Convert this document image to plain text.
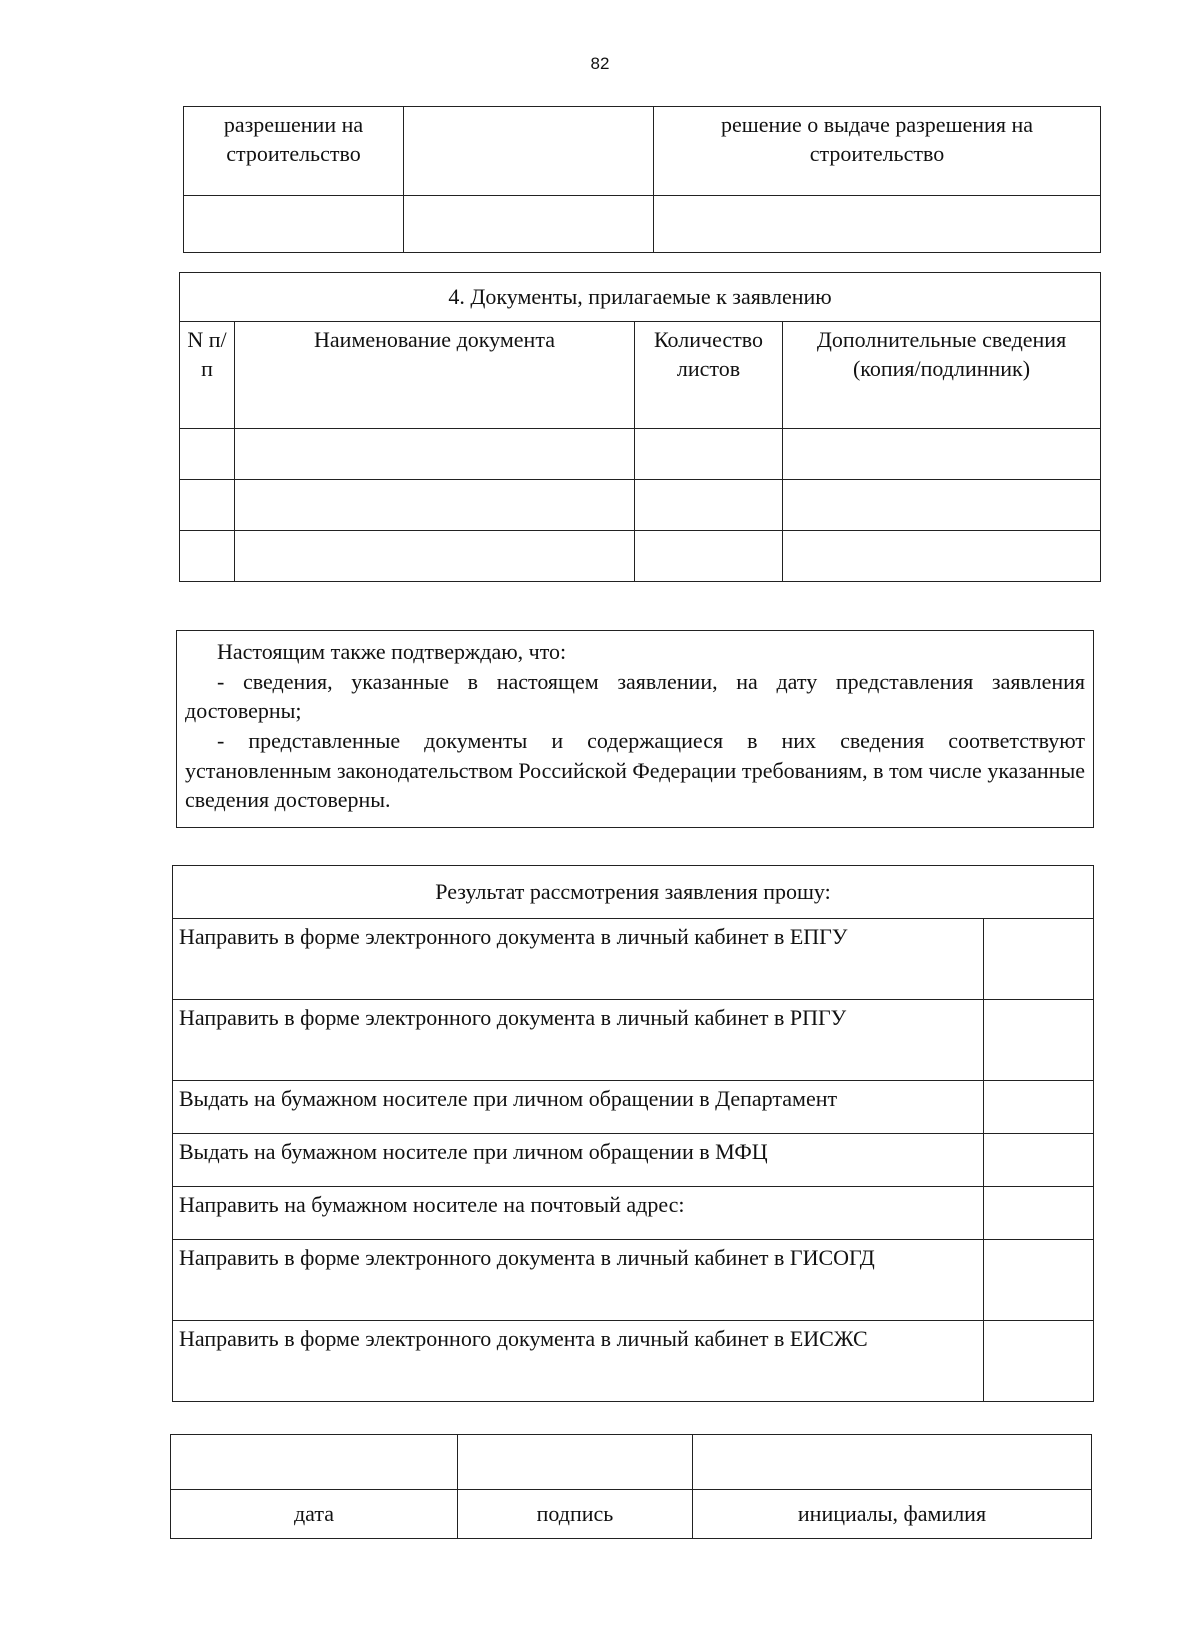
82
разрешении на строительство		решение о выдаче разрешения на строительство

4. Документы, прилагаемые к заявлению			
N п/п	Наименование документа	Количество листов	Дополнительные сведения (копия/подлинник)

Настоящим также подтверждаю, что:

- сведения, указанные в настоящем заявлении, на дату представления заявления достоверны;

- представленные документы и содержащиеся в них сведения соответствуют установленным законодательством Российской Федерации требованиям, в том числе указанные сведения достоверны.

Результат рассмотрения заявления прошу:	
Направить в форме электронного документа в личный кабинет в ЕПГУ	
Направить в форме электронного документа в личный кабинет в РПГУ	
Выдать на бумажном носителе при личном обращении в Департамент	
Выдать на бумажном носителе при личном обращении в МФЦ	
Направить на бумажном носителе на почтовый адрес:	
Направить в форме электронного документа в личный кабинет в ГИСОГД	
Направить в форме электронного документа в личный кабинет в ЕИСЖС	

дата	подпись	инициалы, фамилия
